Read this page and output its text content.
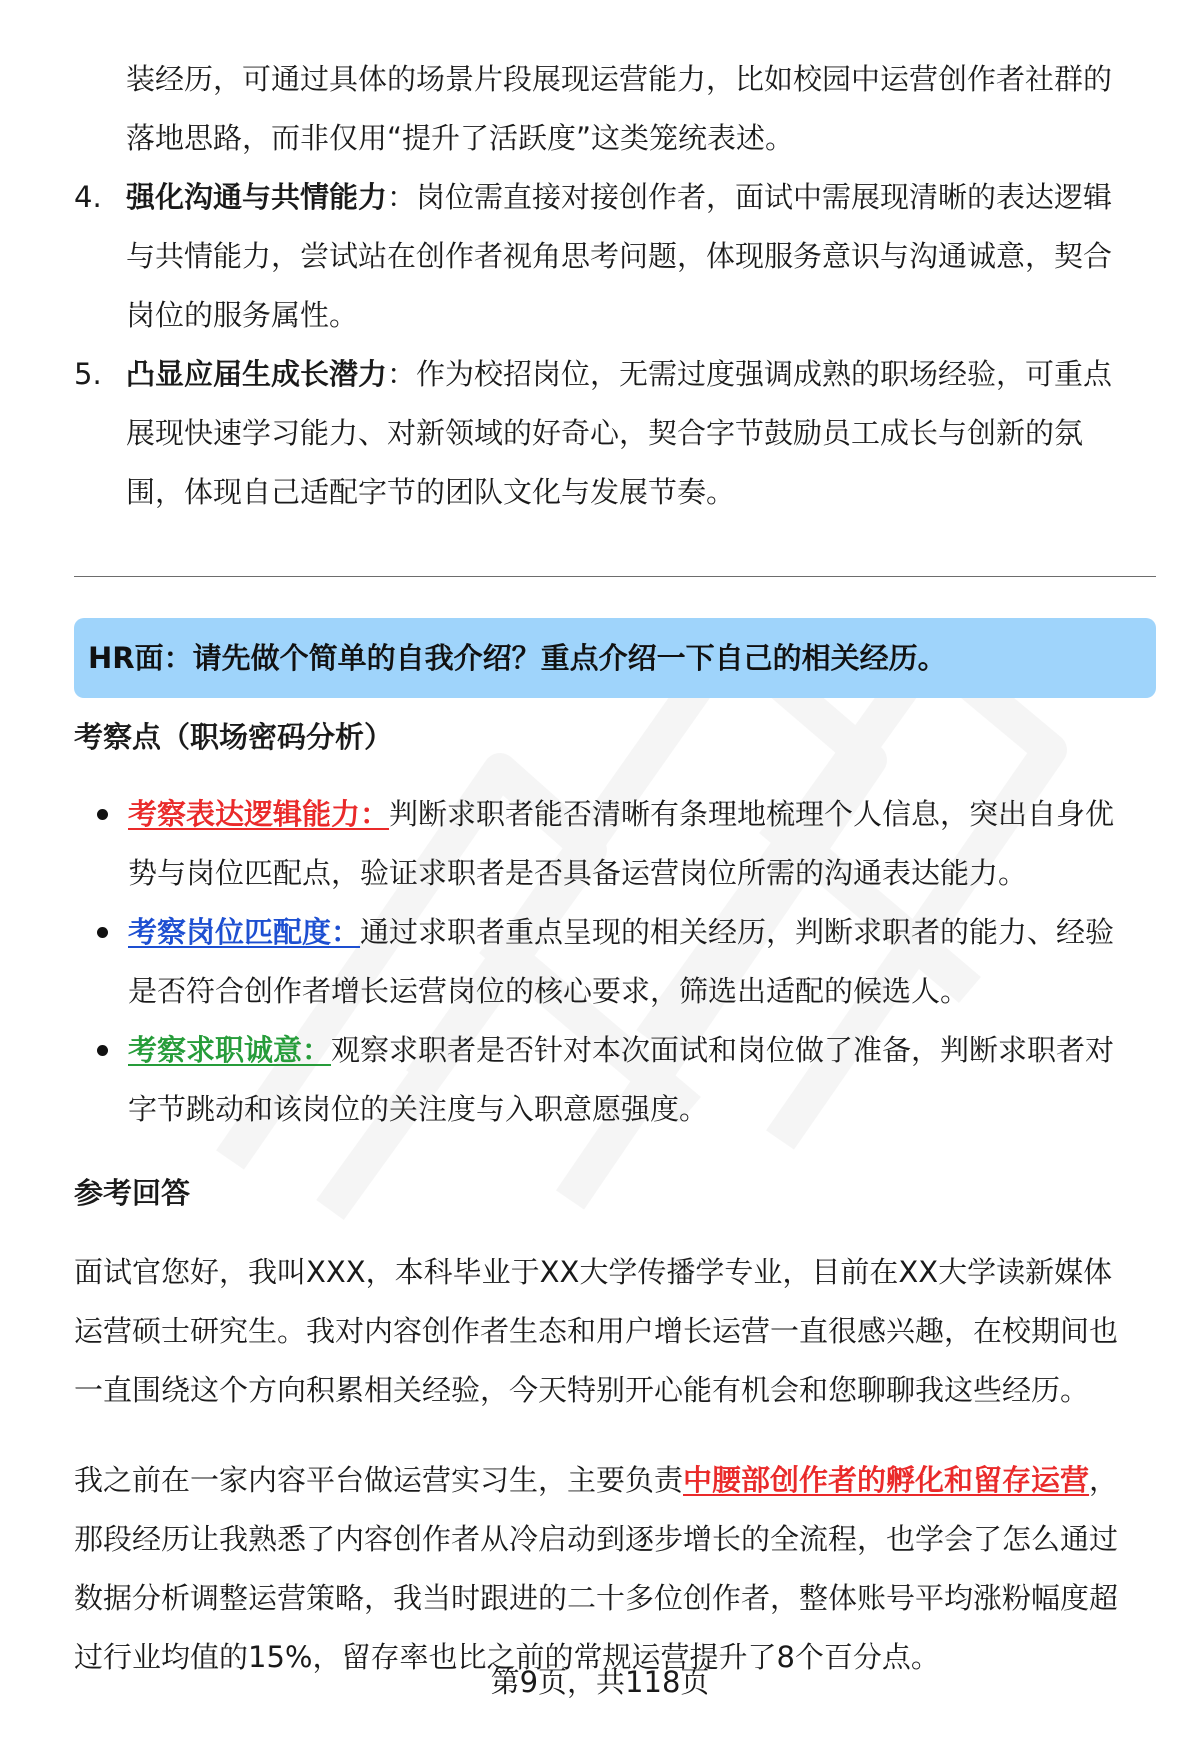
装经历，可通过具体的场景片段展现运营能力，比如校园中运营创作者社群的
落地思路，而非仅用“提升了活跃度”这类笼统表述。
4. 强化沟通与共情能力：岗位需直接对接创作者，面试中需展现清晰的表达逻辑
与共情能力，尝试站在创作者视角思考问题，体现服务意识与沟通诚意，契合
岗位的服务属性。
5. 凸显应届生成长潜力：作为校招岗位，无需过度强调成熟的职场经验，可重点
展现快速学习能力、对新领域的好奇心，契合字节鼓励员工成长与创新的氛
围，体现自己适配字节的团队文化与发展节奏。
HR面：请先做个简单的自我介绍？重点介绍一下自己的相关经历。
考察点（职场密码分析）
考察表达逻辑能力：判断求职者能否清晰有条理地梳理个人信息，突出自身优
势与岗位匹配点，验证求职者是否具备运营岗位所需的沟通表达能力。
考察岗位匹配度：通过求职者重点呈现的相关经历，判断求职者的能力、经验
是否符合创作者增长运营岗位的核心要求，筛选出适配的候选人。
考察求职诚意：观察求职者是否针对本次面试和岗位做了准备，判断求职者对
字节跳动和该岗位的关注度与入职意愿强度。
参考回答
面试官您好，我叫XXX，本科毕业于XX大学传播学专业，目前在XX大学读新媒体
运营硕士研究生。我对内容创作者生态和用户增长运营一直很感兴趣，在校期间也
一直围绕这个方向积累相关经验，今天特别开心能有机会和您聊聊我这些经历。
我之前在一家内容平台做运营实习生，主要负责中腰部创作者的孵化和留存运营，
那段经历让我熟悉了内容创作者从冷启动到逐步增长的全流程，也学会了怎么通过
数据分析调整运营策略，我当时跟进的二十多位创作者，整体账号平均涨粉幅度超
过行业均值的15%，留存率也比之前的常规运营提升了8个百分点。
第9页，共118页
